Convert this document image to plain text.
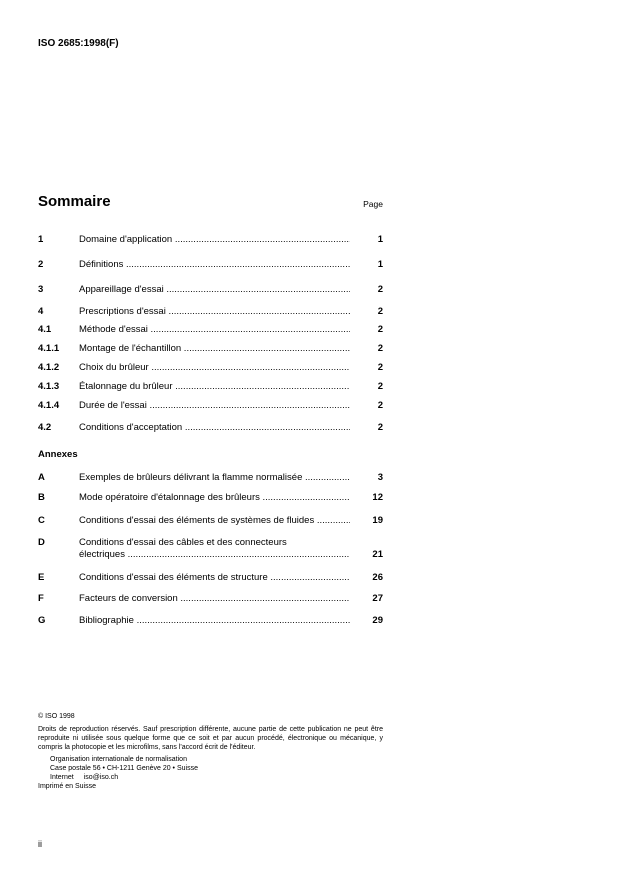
ISO 2685:1998(F)
Sommaire	Page
1	Domaine d'application .....	1
2	Définitions .....	1
3	Appareillage d'essai .....	2
4	Prescriptions d'essai .....	2
4.1	Méthode d'essai .....	2
4.1.1 Montage de l'échantillon .....	2
4.1.2 Choix du brûleur .....	2
4.1.3 Étalonnage du brûleur .....	2
4.1.4 Durée de l'essai .....	2
4.2	Conditions d'acceptation .....	2
Annexes
A	Exemples de brûleurs délivrant la flamme normalisée .....	3
B	Mode opératoire d'étalonnage des brûleurs .....	12
C	Conditions d'essai des éléments de systèmes de fluides .....	19
D	Conditions d'essai des câbles et des connecteurs
électriques .....	21
E	Conditions d'essai des éléments de structure .....	26
F	Facteurs de conversion .....	27
G	Bibliographie .....	29
© ISO 1998
Droits de reproduction réservés. Sauf prescription différente, aucune partie de cette publication ne peut être reproduite ni utilisée sous quelque forme que ce soit et par aucun procédé, électronique ou mécanique, y compris la photocopie et les microfilms, sans l'accord écrit de l'éditeur.
Organisation internationale de normalisation
Case postale 56 • CH-1211 Genève 20 • Suisse
Internet iso@iso.ch
Imprimé en Suisse
ii
